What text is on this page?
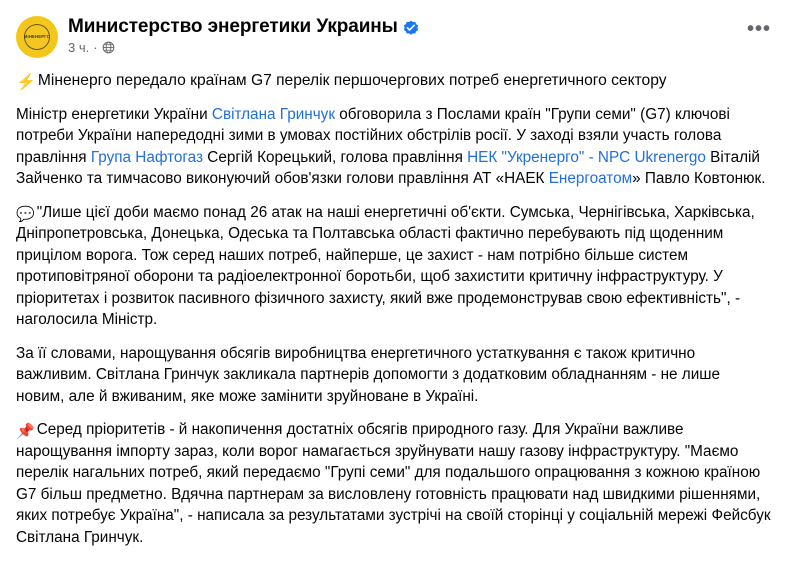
МІНЕНЕРГО Министерство энергетики Украины
3 ч. ·
•••

⚡ Міненерго передало країнам G7 перелік першочергових потреб енергетичного сектору

Міністр енергетики України Світлана Гринчук обговорила з Послами країн "Групи семи" (G7) ключові потреби України напередодні зими в умовах постійних обстрілів росії. У заході взяли участь голова правління Група Нафтогаз Сергій Корецький, голова правління НЕК "Укренерго" - NPC Ukrenergo Віталій Зайченко та тимчасово виконуючий обов'язки голови правління АТ «НАЕК Енергоатом» Павло Ковтонюк.

💬 "Лише цієї доби маємо понад 26 атак на наші енергетичні об'єкти. Сумська, Чернігівська, Харківська, Дніпропетровська, Донецька, Одеська та Полтавська області фактично перебувають під щоденним прицілом ворога. Тож серед наших потреб, найперше, це захист - нам потрібно більше систем протиповітряної оборони та радіоелектронної боротьби, щоб захистити критичну інфраструктуру. У пріоритетах і розвиток пасивного фізичного захисту, який вже продемонстрував свою ефективність", - наголосила Міністр.

За її словами, нарощування обсягів виробництва енергетичного устаткування є також критично важливим. Світлана Гринчук закликала партнерів допомогти з додатковим обладнанням - не лише новим, але й вживаним, яке може замінити зруйноване в Україні.

📌 Серед пріоритетів - й накопичення достатніх обсягів природного газу. Для України важливе нарощування імпорту зараз, коли ворог намагається зруйнувати нашу газову інфраструктуру. "Маємо перелік нагальних потреб, який передаємо "Групі семи" для подальшого опрацювання з кожною країною G7 більш предметно. Вдячна партнерам за висловлену готовність працювати над швидкими рішеннями, яких потребує Україна", - написала за результатами зустрічі на своїй сторінці у соціальній мережі Фейсбук Світлана Гринчук.
